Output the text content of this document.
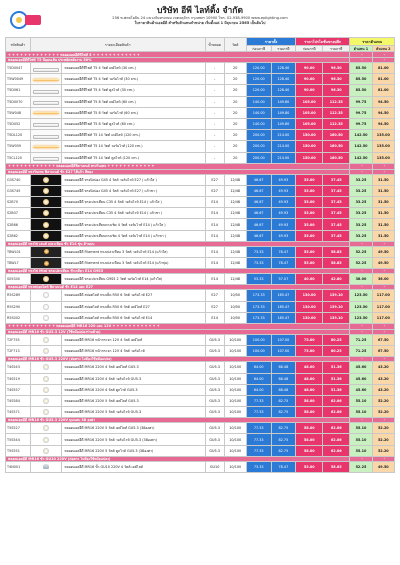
บริษัท อีพี ไลท์ติ้ง จำกัด
256 ซ.พหลโยธิน 24 แขวงจันทรเกษม เขตจตุจักร กรุงเทพฯ 10900 โทร. 02-938-9900 www.eplighting.com
ใบราคาสินค้าแอลอีดี สำหรับตัวแทนจำหน่าย เริ่มตั้งแต่ 1 มิถุนายน 2565 เป็นต้นไป
รหัสสินค้า	รายละเอียดสินค้า		ขั้วหลอด	วัตต์	ราคาตั้ง		ราคาโปรโมชั่นขายปลีก		ราคาตัวแทน	
					ก่อนภาษี	รวมภาษี	ก่อนภาษี	รวมภาษี	ตัวแทน 1	ตัวแทน 2
+ + + + + + + + + + + + + หลอดแอลอีดีทีไฟท์ 5 + + + + + + + + + + + +									-	-
หลอดแอลอีดีทีไฟท์ T5 นีออนเส้น ประหยัดพลังงาน 50%									-	-
T5D0047		หลอดแอลอีดีทีไฟท์ T5 4 วัตต์ เดย์ไลท์ (30 cm.)	-	20	120.00	128.40	90.00	96.30	85.50	81.00
T5W0049		หลอดแอลอีดีทีไฟท์ T5 4 วัตต์ วอร์มไวท์ (30 cm.)	-	20	120.00	128.40	90.00	96.30	85.50	81.00
T5D061		หลอดแอลอีดีทีไฟท์ T5 4 วัตต์ คูลไวท์ (30 cm.)	-	20	120.00	128.40	90.00	96.30	85.50	81.00
T5D0070		หลอดแอลอีดีทีไฟท์ T5 8 วัตต์ เดย์ไลท์ (60 cm.)	-	20	140.00	149.80	105.00	112.35	99.75	94.50
T5W048		หลอดแอลอีดีทีไฟท์ T5 8 วัตต์ วอร์มไวท์ (60 cm.)	-	20	140.00	149.80	105.00	112.35	99.75	94.50
T5D052		หลอดแอลอีดีทีไฟท์ T5 8 วัตต์ คูลไวท์ (60 cm.)	-	20	140.00	149.80	105.00	112.35	99.75	94.50
T5DL120		หลอดแอลอีดีทีไฟท์ T5 14 วัตต์ เดย์ไลท์ (120 cm.)	-	20	200.00	214.00	150.00	160.50	142.50	135.00
T5W059		หลอดแอลอีดีทีไฟท์ T5 14 วัตต์ วอร์มไวท์ (120 cm.)	-	20	200.00	214.00	150.00	160.50	142.50	135.00
T5CL120		หลอดแอลอีดีทีไฟท์ T5 14 วัตต์ คูลไวท์ (120 cm.)	-	20	200.00	214.00	150.00	160.50	142.50	135.00
+ + + + + + + + + + + + หลอดแอลอีดีฟิลาเมนต์ ทรงวินเทจ + + + + + + + + + + + +									-	-
หลอดแอลอีดี ทรงวินเทจ ฟิลาเมนต์ ขั้ว E27 ไส้แก้ว สีทอง									-	-
G3S740		หลอดแอลอีดี ทรงปิงปอง G45 4 วัตต์ วอร์มไวท์ E27 ( แก้วใส )	E27	12/48	46.67	49.93	35.00	37.45	33.25	31.50
G3S745		หลอดแอลอีดี ทรงปิงปอง G45 4 วัตต์ วอร์มไวท์ E27 ( แก้วชา )	E27	12/48	46.67	49.93	35.00	37.45	33.25	31.50
S2B70		หลอดแอลอีดี ทรงเปลวเทียน C35 4 วัตต์ วอร์มไวท์ E14 ( แก้วใส )	E14	12/48	46.67	49.93	35.00	37.45	33.25	31.50
S2B07		หลอดแอลอีดี ทรงเปลวเทียน C35 4 วัตต์ วอร์มไวท์ E14 ( แก้วชา )	E14	12/48	46.67	49.93	35.00	37.45	33.25	31.50
S2B66		หลอดแอลอีดี ทรงเปลวเทียนหางเชิด 4 วัตต์ วอร์มไวท์ E14 ( แก้วใส )	E14	12/48	46.67	49.93	35.00	37.45	33.25	31.50
S2B62		หลอดแอลอีดี ทรงเปลวเทียนหางเชิด 4 วัตต์ วอร์มไวท์ E14 ( แก้วชา )	E14	12/48	46.67	49.93	35.00	37.45	33.25	31.50
หลอดแอลอีดี ทรงไข่ เลนส์ เปลวเทียน ขั้ว E14 ขุ่น ด้านบน									-	-
TBWL01		หลอดแอลอีดี Filament ทรงเปลวเทียน 3 วัตต์ วอร์มไวท์ E14 (แก้วใส)	E14	12/48	73.33	78.47	55.00	58.85	52.25	49.50
TBWL7		หลอดแอลอีดี Filament ทรงเปลวเทียน 3 วัตต์ วอร์มไวท์ E14 (แก้วขุ่น)	E14	12/48	73.33	78.47	55.00	58.85	52.25	49.50
หลอดแอลอีดี ทรงไข่ Mini ทรงเปลวเทียน ขั้วเกลียว E14 G9S5									-	-
S05S00		หลอดแอลอีดี ทรงเปลวเทียน G9S5 2 วัตต์ วอร์มไวท์ E14 (แก้วใส)	E14	12/48	53.33	57.07	40.00	42.80	38.00	36.00
หลอดแอลอีดี ทรงสปอตไลท์ ฟิลาเมนต์ ขั้ว E14 และ E27									-	-
R5S289		หลอดแอลอีดี สปอตไลท์ ทรงเห็ด R50 6 วัตต์ วอร์มไวท์ E27	E27	10/50	173.33	185.47	130.00	139.10	123.50	117.00
R5S290		หลอดแอลอีดี สปอตไลท์ ทรงเห็ด R50 6 วัตต์ เดย์ไลท์ E27	E27	10/50	173.33	185.47	130.00	139.10	123.50	117.00
R5S002		หลอดแอลอีดี สปอตไลท์ ทรงเห็ด R50 6 วัตต์ วอร์มไวท์ E14	E14	10/50	173.33	185.47	130.00	139.10	123.50	117.00
+ + + + + + + + + + + + หลอดแอลอีดี MR16 220 และ 12V + + + + + + + + + + + +									-	-
หลอดแอลอีดี MR16 ขั้ว GU5.3 12V (ใช้หม้อแปลงร่วมด้วย)									-	-
T2F755		หลอดแอลอีดี MR16 หน้ากระจก 12V 4 วัตต์ เดย์ไลท์	GU5.3	10/100	100.00	107.00	75.00	80.25	71.25	67.50
T2F713		หลอดแอลอีดี MR16 หน้ากระจก 12V 4 วัตต์ วอร์มไวท์	GU5.3	10/100	100.00	107.00	75.00	80.25	71.25	67.50
หลอดแอลอีดี MR16 ขั้ว GU5.3 220V (ต่อตรง ไม่ต้องใช้หม้อแปลง)									-	-
T4S543		หลอดแอลอีดี MR16 220V 4 วัตต์ เดย์ไลท์ GU5.3	GU5.3	10/100	64.00	68.48	48.00	51.36	45.60	43.20
T4S519		หลอดแอลอีดี MR16 220V 4 วัตต์ วอร์มไวท์ GU5.3	GU5.3	10/100	64.00	68.48	48.00	51.36	45.60	43.20
T4S557		หลอดแอลอีดี MR16 220V 4 วัตต์ คูลไวท์ GU5.3	GU5.3	10/100	64.00	68.48	48.00	51.36	45.60	43.20
T4S584		หลอดแอลอีดี MR16 220V 5 วัตต์ เดย์ไลท์ GU5.3	GU5.3	10/100	77.33	82.75	58.00	62.06	55.10	52.20
T4S571		หลอดแอลอีดี MR16 220V 5 วัตต์ วอร์มไวท์ GU5.3	GU5.3	10/100	77.33	82.75	58.00	62.06	55.10	52.20
หลอดแอลอีดี MR16 ขั้ว GU5.3 220V มุมแคบ 38 องศา									-	-
T5S527		หลอดแอลอีดี MR16 220V 5 วัตต์ เดย์ไลท์ GU5.3 (38องศา)	GU5.3	10/100	77.33	82.75	58.00	62.06	55.10	52.20
T5S544		หลอดแอลอีดี MR16 220V 5 วัตต์ วอร์มไวท์ GU5.3 (38องศา)	GU5.3	10/100	77.33	82.75	58.00	62.06	55.10	52.20
T5S551		หลอดแอลอีดี MR16 220V 5 วัตต์ คูลไวท์ GU5.3 (38องศา)	GU5.3	10/100	77.33	82.75	58.00	62.06	55.10	52.20
หลอดแอลอีดี MR16 ขั้ว GU10 220V (ต่อตรง ไม่ต้องใช้หม้อแปลง)									-	-
T4N001		หลอดแอลอีดี MR16 ขั้ว GU10 220V 4 วัตต์ เดย์ไลท์	GU10	10/100	73.33	78.47	55.00	58.85	52.25	49.50
